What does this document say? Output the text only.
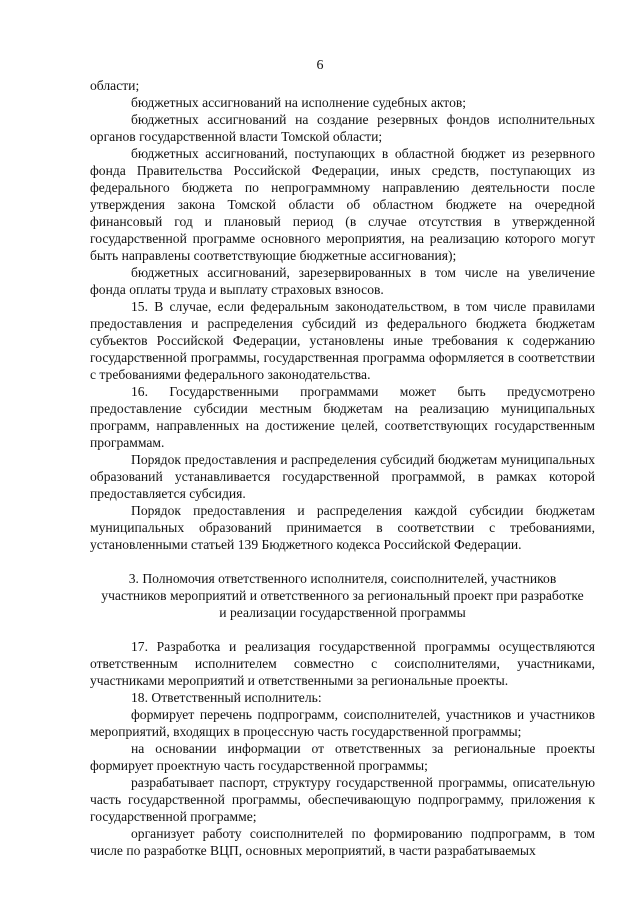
6

области;

бюджетных ассигнований на исполнение судебных актов;

бюджетных ассигнований на создание резервных фондов исполнительных органов государственной власти Томской области;

бюджетных ассигнований, поступающих в областной бюджет из резервного фонда Правительства Российской Федерации, иных средств, поступающих из федерального бюджета по непрограммному направлению деятельности после утверждения закона Томской области об областном бюджете на очередной финансовый год и плановый период (в случае отсутствия в утвержденной государственной программе основного мероприятия, на реализацию которого могут быть направлены соответствующие бюджетные ассигнования);

бюджетных ассигнований, зарезервированных в том числе на увеличение фонда оплаты труда и выплату страховых взносов.

15. В случае, если федеральным законодательством, в том числе правилами предоставления и распределения субсидий из федерального бюджета бюджетам субъектов Российской Федерации, установлены иные требования к содержанию государственной программы, государственная программа оформляется в соответствии с требованиями федерального законодательства.

16. Государственными программами может быть предусмотрено предоставление субсидии местным бюджетам на реализацию муниципальных программ, направленных на достижение целей, соответствующих государственным программам.

Порядок предоставления и распределения субсидий бюджетам муниципальных образований устанавливается государственной программой, в рамках которой предоставляется субсидия.

Порядок предоставления и распределения каждой субсидии бюджетам муниципальных образований принимается в соответствии с требованиями, установленными статьей 139 Бюджетного кодекса Российской Федерации.

3. Полномочия ответственного исполнителя, соисполнителей, участников
участников мероприятий и ответственного за региональный проект при разработке
и реализации государственной программы

17. Разработка и реализация государственной программы осуществляются ответственным исполнителем совместно с соисполнителями, участниками, участниками мероприятий и ответственными за региональные проекты.

18. Ответственный исполнитель:

формирует перечень подпрограмм, соисполнителей, участников и участников мероприятий, входящих в процессную часть государственной программы;

на основании информации от ответственных за региональные проекты формирует проектную часть государственной программы;

разрабатывает паспорт, структуру государственной программы, описательную часть государственной программы, обеспечивающую подпрограмму, приложения к государственной программе;

организует работу соисполнителей по формированию подпрограмм, в том числе по разработке ВЦП, основных мероприятий, в части разрабатываемых
